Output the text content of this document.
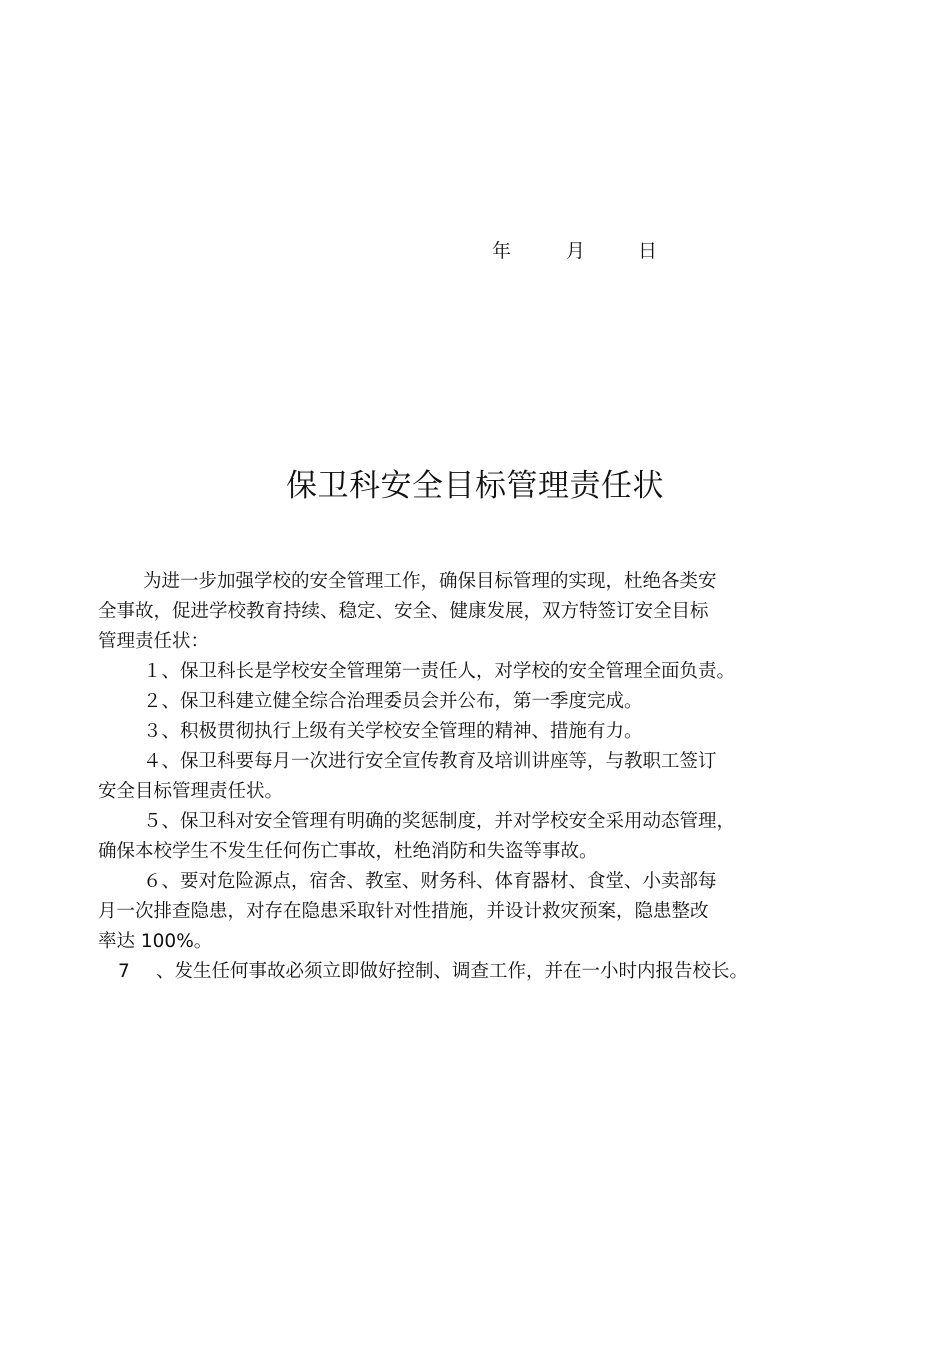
年	月	日
保卫科安全目标管理责任状
为进一步加强学校的安全管理工作，确保目标管理的实现，杜绝各类安
全事故，促进学校教育持续、稳定、安全、健康发展，双方特签订安全目标
管理责任状：
１、保卫科长是学校安全管理第一责任人，对学校的安全管理全面负责。
２、保卫科建立健全综合治理委员会并公布，第一季度完成。
３、积极贯彻执行上级有关学校安全管理的精神、措施有力。
４、保卫科要每月一次进行安全宣传教育及培训讲座等，与教职工签订
安全目标管理责任状。
５、保卫科对安全管理有明确的奖惩制度，并对学校安全采用动态管理，
确保本校学生不发生任何伤亡事故，杜绝消防和失盗等事故。
６、要对危险源点，宿舍、教室、财务科、体育器材、食堂、小卖部每
月一次排查隐患，对存在隐患采取针对性措施，并设计救灾预案，隐患整改
率达 100%。
7 、发生任何事故必须立即做好控制、调查工作，并在一小时内报告校长。
